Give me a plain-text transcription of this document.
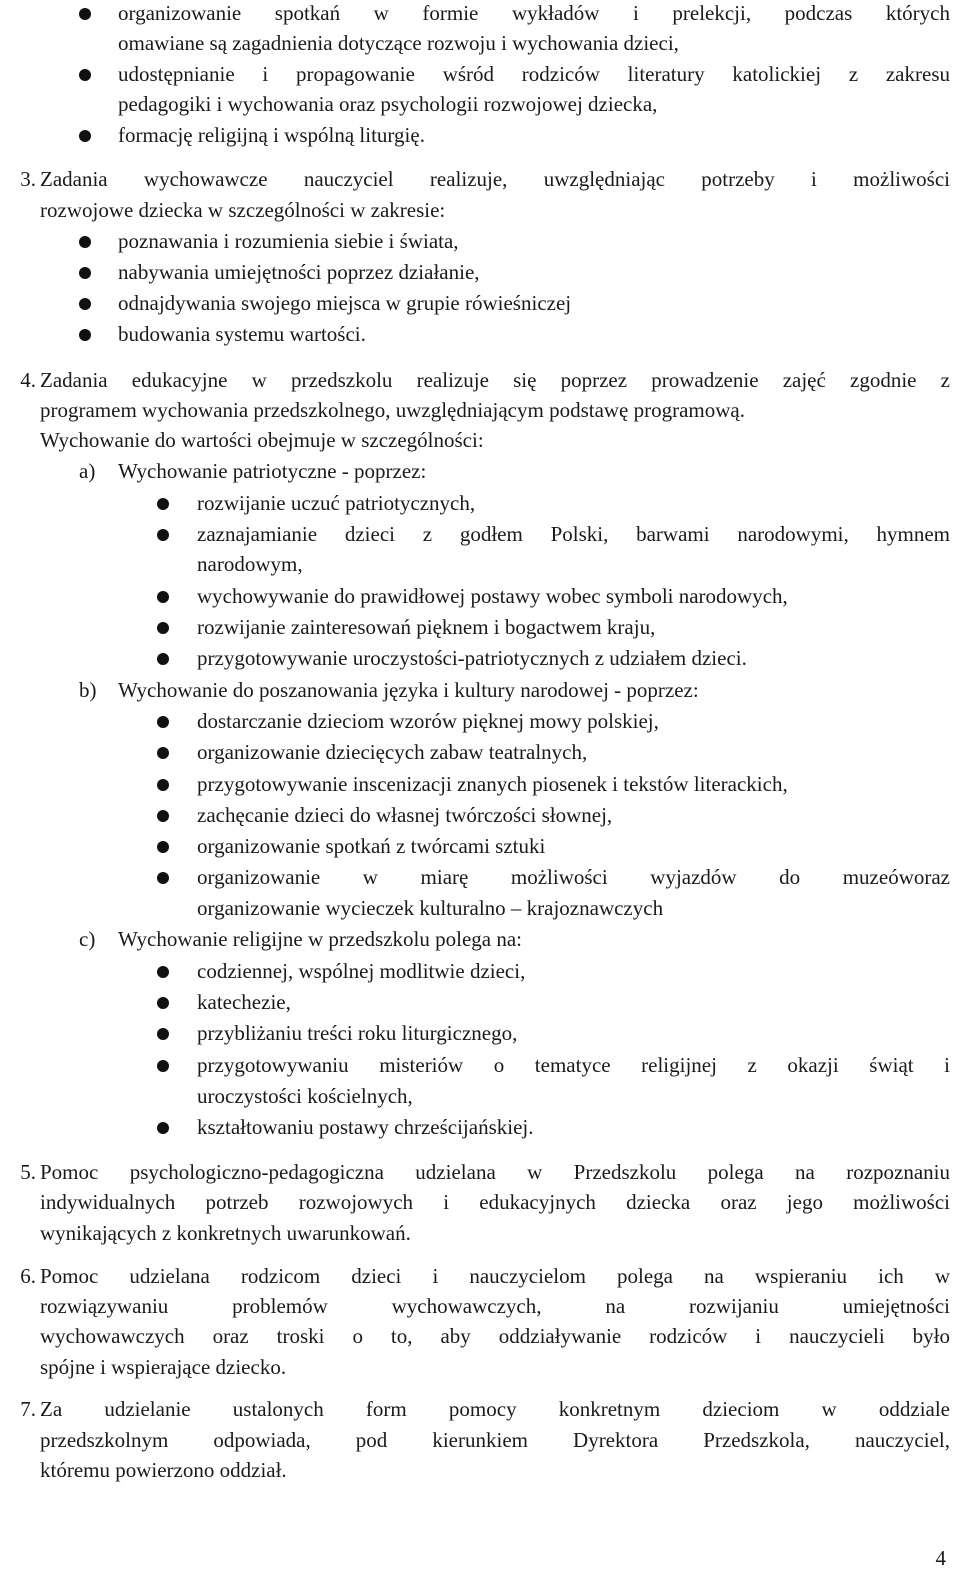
organizowanie spotkań w formie wykładów i prelekcji, podczas których
omawiane są zagadnienia dotyczące rozwoju i wychowania dzieci,
udostępnianie i propagowanie wśród rodziców literatury katolickiej z zakresu
pedagogiki i wychowania oraz psychologii rozwojowej dziecka,
formację religijną i wspólną liturgię.
3. Zadania wychowawcze nauczyciel realizuje, uwzględniając potrzeby i możliwości
rozwojowe dziecka w szczególności w zakresie:
poznawania i rozumienia siebie i świata,
nabywania umiejętności poprzez działanie,
odnajdywania swojego miejsca w grupie rówieśniczej
budowania systemu wartości.
4. Zadania edukacyjne w przedszkolu realizuje się poprzez prowadzenie zajęć zgodnie z
programem wychowania przedszkolnego, uwzględniającym podstawę programową.
Wychowanie do wartości obejmuje w szczególności:
a) Wychowanie patriotyczne - poprzez:
rozwijanie uczuć patriotycznych,
zaznajamianie dzieci z godłem Polski, barwami narodowymi, hymnem
narodowym,
wychowywanie do prawidłowej postawy wobec symboli narodowych,
rozwijanie zainteresowań pięknem i bogactwem kraju,
przygotowywanie uroczystości-patriotycznych z udziałem dzieci.
b) Wychowanie do poszanowania języka i kultury narodowej - poprzez:
dostarczanie dzieciom wzorów pięknej mowy polskiej,
organizowanie dziecięcych zabaw teatralnych,
przygotowywanie inscenizacji znanych piosenek i tekstów literackich,
zachęcanie dzieci do własnej twórczości słownej,
organizowanie spotkań z twórcami sztuki
organizowanie w miarę możliwości wyjazdów do muzeóworaz
organizowanie wycieczek kulturalno – krajoznawczych
c) Wychowanie religijne w przedszkolu polega na:
codziennej, wspólnej modlitwie dzieci,
katechezie,
przybliżaniu treści roku liturgicznego,
przygotowywaniu misteriów o tematyce religijnej z okazji świąt i
uroczystości kościelnych,
kształtowaniu postawy chrześcijańskiej.
5. Pomoc psychologiczno-pedagogiczna udzielana w Przedszkolu polega na rozpoznaniu
indywidualnych potrzeb rozwojowych i edukacyjnych dziecka oraz jego możliwości
wynikających z konkretnych uwarunkowań.
6. Pomoc udzielana rodzicom dzieci i nauczycielom polega na wspieraniu ich w
rozwiązywaniu problemów wychowawczych, na rozwijaniu umiejętności
wychowawczych oraz troski o to, aby oddziaływanie rodziców i nauczycieli było
spójne i wspierające dziecko.
7. Za udzielanie ustalonych form pomocy konkretnym dzieciom w oddziale
przedszkolnym odpowiada, pod kierunkiem Dyrektora Przedszkola, nauczyciel,
któremu powierzono oddział.
4
